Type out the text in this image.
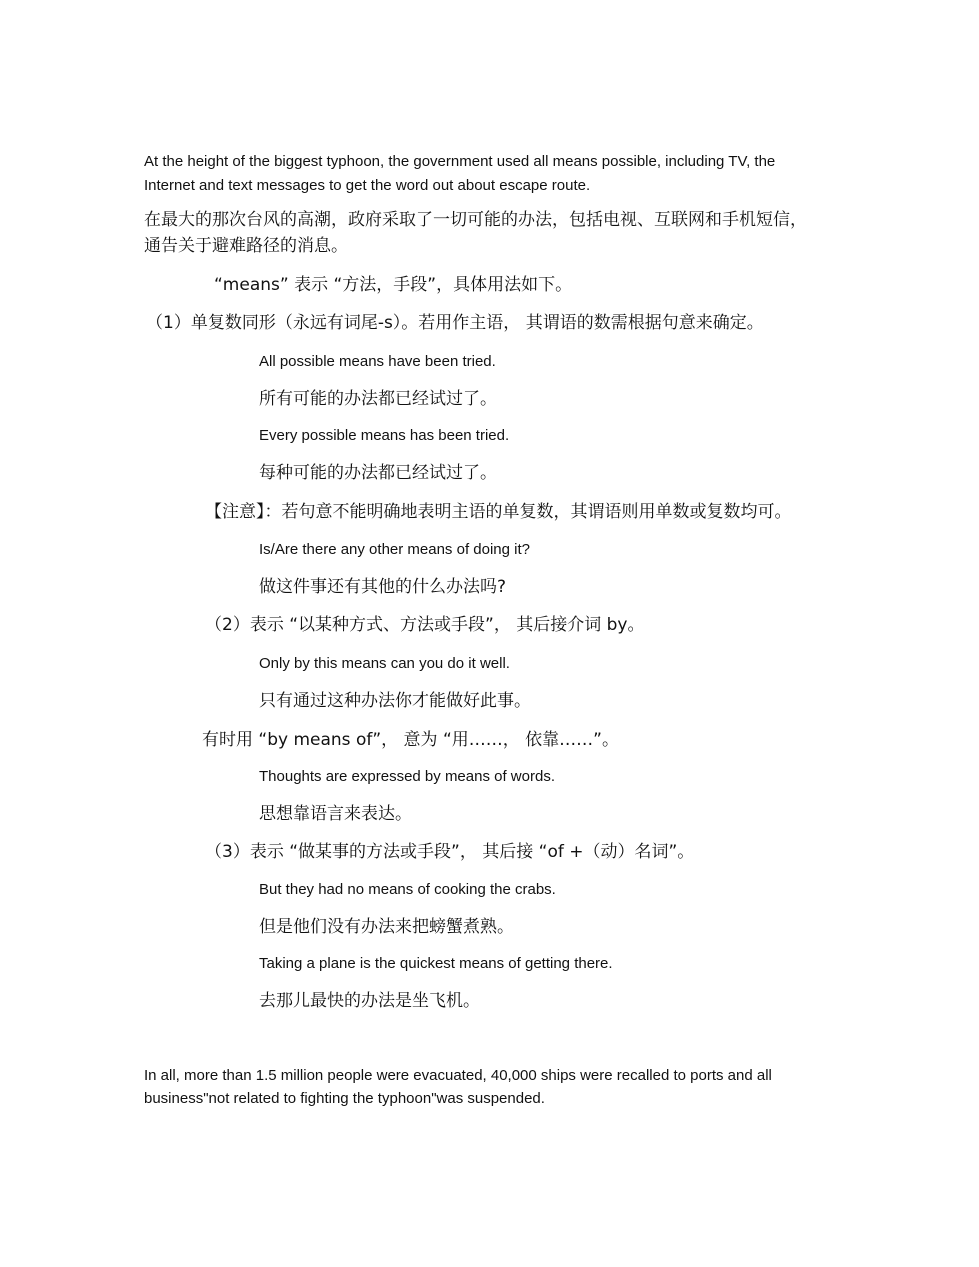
At the height of the biggest typhoon, the government used all means possible, including TV, the
Internet and text messages to get the word out about escape route.
在最大的那次台风的高潮，政府采取了一切可能的办法，包括电视、互联网和手机短信，
通告关于避难路径的消息。
“means” 表示 “方法，手段”，具体用法如下。
（1）单复数同形（永远有词尾-s）。若用作主语， 其谓语的数需根据句意来确定。
All possible means have been tried.
所有可能的办法都已经试过了。
Every possible means has been tried.
每种可能的办法都已经试过了。
【注意】：若句意不能明确地表明主语的单复数，其谓语则用单数或复数均可。
Is/Are there any other means of doing it?
做这件事还有其他的什么办法吗?
（2）表示 “以某种方式、方法或手段”， 其后接介词 by。
Only by this means can you do it well.
只有通过这种办法你才能做好此事。
有时用 “by means of”， 意为 “用……， 依靠……”。
Thoughts are expressed by means of words.
思想靠语言来表达。
（3）表示 “做某事的方法或手段”， 其后接 “of +（动）名词”。
But they had no means of cooking the crabs.
但是他们没有办法来把螃蟹煮熟。
Taking a plane is the quickest means of getting there.
去那儿最快的办法是坐飞机。
In all, more than 1.5 million people were evacuated, 40,000 ships were recalled to ports and all
business"not related to fighting the typhoon"was suspended.
